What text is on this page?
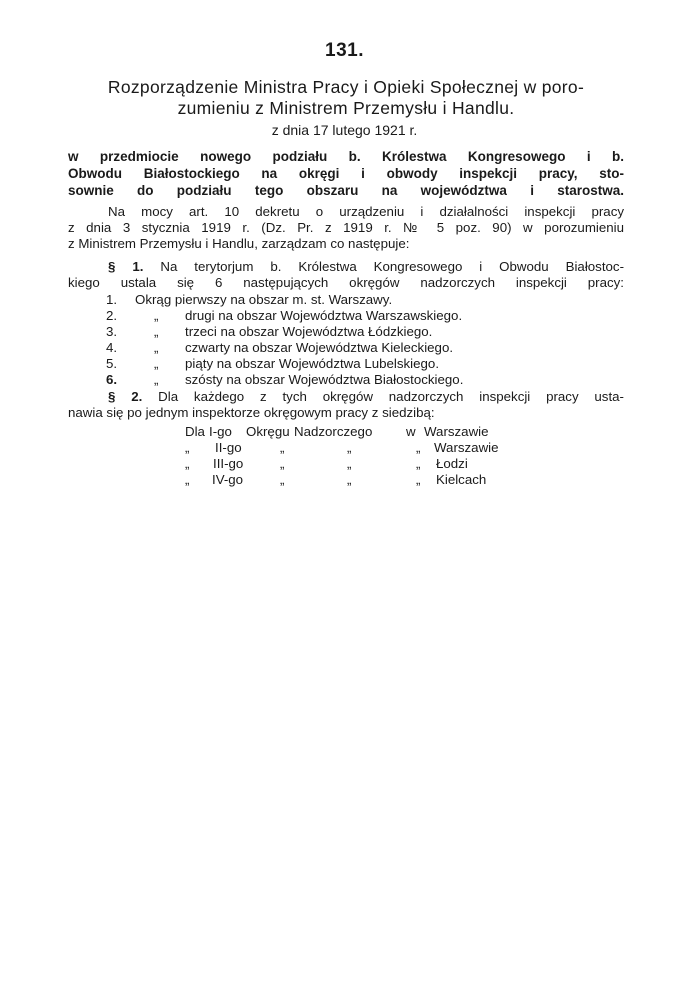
131.
Rozporządzenie Ministra Pracy i Opieki Społecznej w poro-
zumieniu z Ministrem Przemysłu i Handlu.
z dnia 17 lutego 1921 r.
w przedmiocie nowego podziału b. Królestwa Kongresowego i b.
Obwodu Białostockiego na okręgi i obwody inspekcji pracy, sto-
sownie do podziału tego obszaru na województwa i starostwa.
Na mocy art. 10 dekretu o urządzeniu i działalności inspekcji pracy
z dnia 3 stycznia 1919 r. (Dz. Pr. z 1919 r. № 5 poz. 90) w porozumieniu
z Ministrem Przemysłu i Handlu, zarządzam co następuje:
§ 1. Na terytorjum b. Królestwa Kongresowego i Obwodu Białostoc-
kiego ustala się 6 następujących okręgów nadzorczych inspekcji pracy:
1.	Okrąg pierwszy na obszar m. st. Warszawy.
2.	„	drugi na obszar Województwa Warszawskiego.
3.	„	trzeci na obszar Województwa Łódzkiego.
4.	„	czwarty na obszar Województwa Kieleckiego.
5.	„	piąty na obszar Województwa Lubelskiego.
6.	„	szósty na obszar Województwa Białostockiego.
§ 2. Dla każdego z tych okręgów nadzorczych inspekcji pracy usta-
nawia się po jednym inspektorze okręgowym pracy z siedzibą:
Dla I-go Okręgu Nadzorczego	w Warszawie
„ II-go	„	„	„ Warszawie
„ III-go	„	„	„ Łodzi
„ IV-go	„	„	„ Kielcach
